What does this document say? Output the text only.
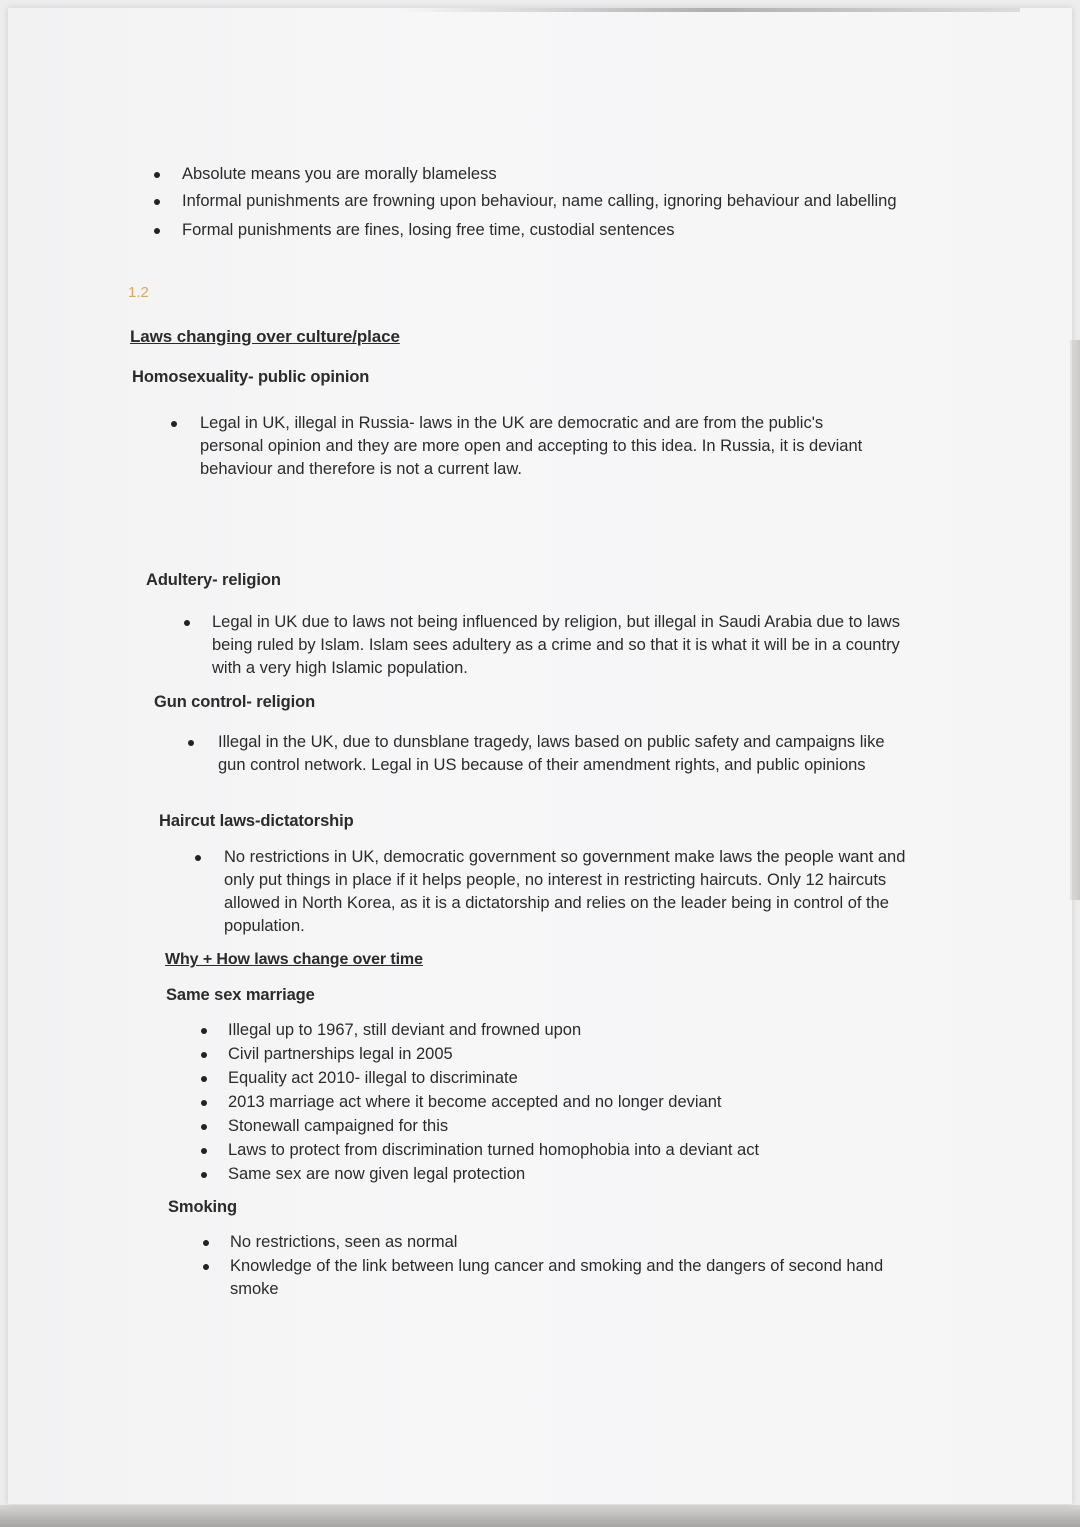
Absolute means you are morally blameless
Informal punishments are frowning upon behaviour, name calling, ignoring behaviour and labelling
Formal punishments are fines, losing free time, custodial sentences
1.2
Laws changing over culture/place
Homosexuality- public opinion
Legal in UK, illegal in Russia- laws in the UK are democratic and are from the public's personal opinion and they are more open and accepting to this idea. In Russia, it is deviant behaviour and therefore is not a current law.
Adultery- religion
Legal in UK due to laws not being influenced by religion, but illegal in Saudi Arabia due to laws being ruled by Islam. Islam sees adultery as a crime and so that it is what it will be in a country with a very high Islamic population.
Gun control- religion
Illegal in the UK, due to dunsblane tragedy, laws based on public safety and campaigns like gun control network. Legal in US because of their amendment rights, and public opinions
Haircut laws-dictatorship
No restrictions in UK, democratic government so government make laws the people want and only put things in place if it helps people, no interest in restricting haircuts. Only 12 haircuts allowed in North Korea, as it is a dictatorship and relies on the leader being in control of the population.
Why + How laws change over time
Same sex marriage
Illegal up to 1967, still deviant and frowned upon
Civil partnerships legal in 2005
Equality act 2010- illegal to discriminate
2013 marriage act where it become accepted and no longer deviant
Stonewall campaigned for this
Laws to protect from discrimination turned homophobia into a deviant act
Same sex are now given legal protection
Smoking
No restrictions, seen as normal
Knowledge of the link between lung cancer and smoking and the dangers of second hand smoke
